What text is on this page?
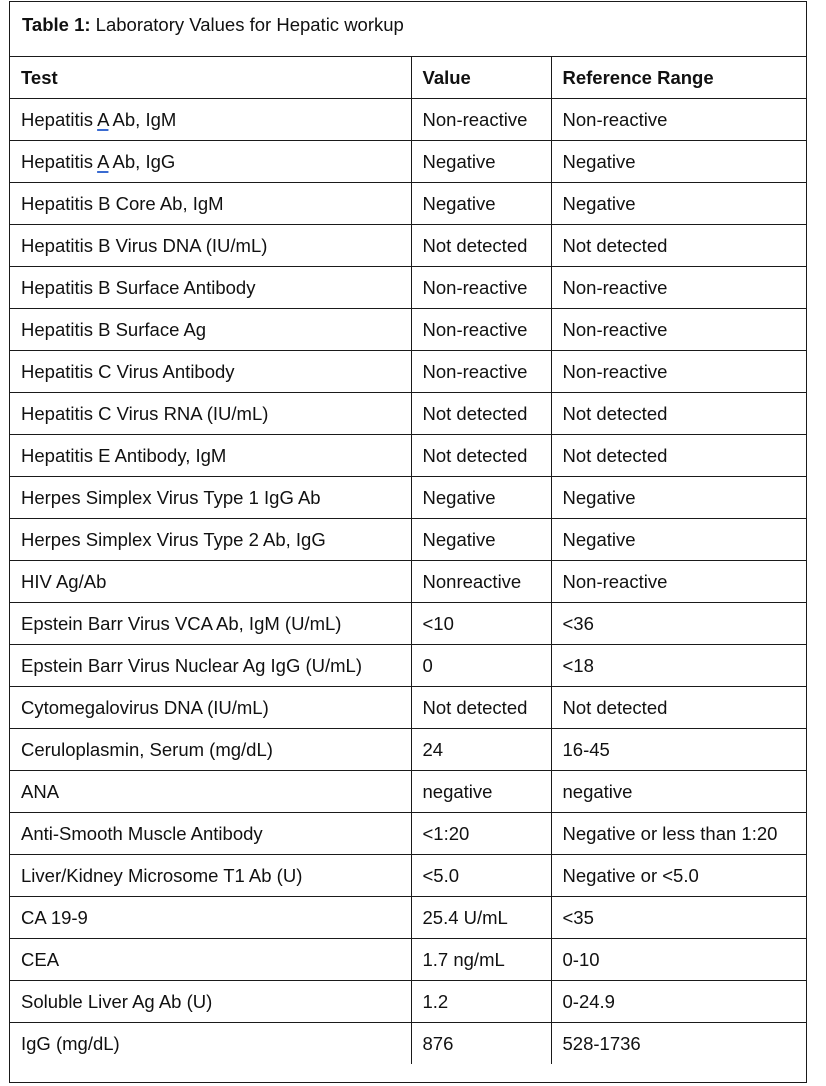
Table 1: Laboratory Values for Hepatic workup
Test	Value	Reference Range
Hepatitis A Ab, IgM	Non-reactive	Non-reactive
Hepatitis A Ab, IgG	Negative	Negative
Hepatitis B Core Ab, IgM	Negative	Negative
Hepatitis B Virus DNA (IU/mL)	Not detected	Not detected
Hepatitis B Surface Antibody	Non-reactive	Non-reactive
Hepatitis B Surface Ag	Non-reactive	Non-reactive
Hepatitis C Virus Antibody	Non-reactive	Non-reactive
Hepatitis C Virus RNA (IU/mL)	Not detected	Not detected
Hepatitis E Antibody, IgM	Not detected	Not detected
Herpes Simplex Virus Type 1 IgG Ab	Negative	Negative
Herpes Simplex Virus Type 2 Ab, IgG	Negative	Negative
HIV Ag/Ab	Nonreactive	Non-reactive
Epstein Barr Virus VCA Ab, IgM (U/mL)	<10	<36
Epstein Barr Virus Nuclear Ag IgG (U/mL)	0	<18
Cytomegalovirus DNA (IU/mL)	Not detected	Not detected
Ceruloplasmin, Serum (mg/dL)	24	16-45
ANA	negative	negative
Anti-Smooth Muscle Antibody	<1:20	Negative or less than 1:20
Liver/Kidney Microsome T1 Ab (U)	<5.0	Negative or <5.0
CA 19-9	25.4 U/mL	<35
CEA	1.7 ng/mL	0-10
Soluble Liver Ag Ab (U)	1.2	0-24.9
IgG (mg/dL)	876	528-1736
